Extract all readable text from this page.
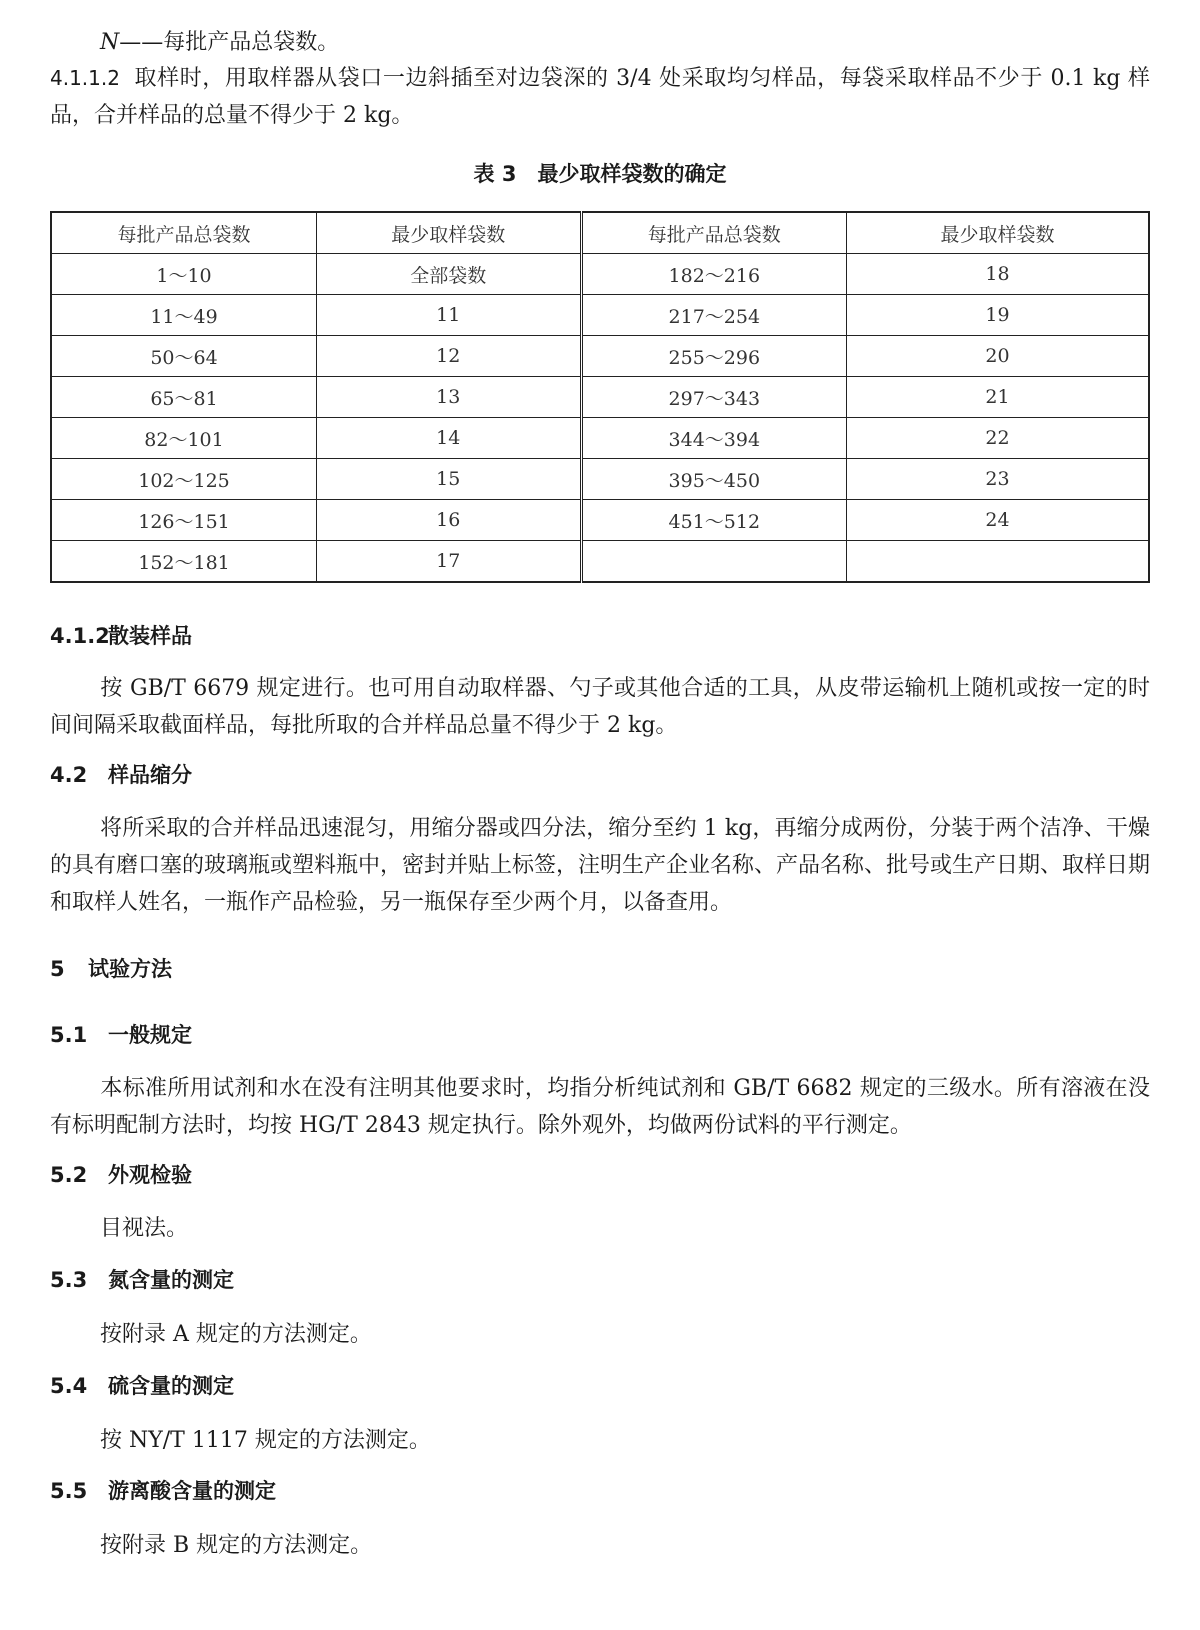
N——每批产品总袋数。
4.1.1.2 取样时，用取样器从袋口一边斜插至对边袋深的 3/4 处采取均匀样品，每袋采取样品不少于 0.1 kg 样品，合并样品的总量不得少于 2 kg。
表 3　最少取样袋数的确定
每批产品总袋数	最少取样袋数	每批产品总袋数	最少取样袋数
1～10	全部袋数	182～216	18
11～49	11	217～254	19
50～64	12	255～296	20
65～81	13	297～343	21
82～101	14	344～394	22
102～125	15	395～450	23
126～151	16	451～512	24
152～181	17		
4.1.2散装样品
按 GB/T 6679 规定进行。也可用自动取样器、勺子或其他合适的工具，从皮带运输机上随机或按一定的时间间隔采取截面样品，每批所取的合并样品总量不得少于 2 kg。
4.2 样品缩分
将所采取的合并样品迅速混匀，用缩分器或四分法，缩分至约 1 kg，再缩分成两份，分装于两个洁净、干燥的具有磨口塞的玻璃瓶或塑料瓶中，密封并贴上标签，注明生产企业名称、产品名称、批号或生产日期、取样日期和取样人姓名，一瓶作产品检验，另一瓶保存至少两个月，以备查用。
5 试验方法
5.1 一般规定
本标准所用试剂和水在没有注明其他要求时，均指分析纯试剂和 GB/T 6682 规定的三级水。所有溶液在没有标明配制方法时，均按 HG/T 2843 规定执行。除外观外，均做两份试料的平行测定。
5.2 外观检验
目视法。
5.3 氮含量的测定
按附录 A 规定的方法测定。
5.4 硫含量的测定
按 NY/T 1117 规定的方法测定。
5.5 游离酸含量的测定
按附录 B 规定的方法测定。
